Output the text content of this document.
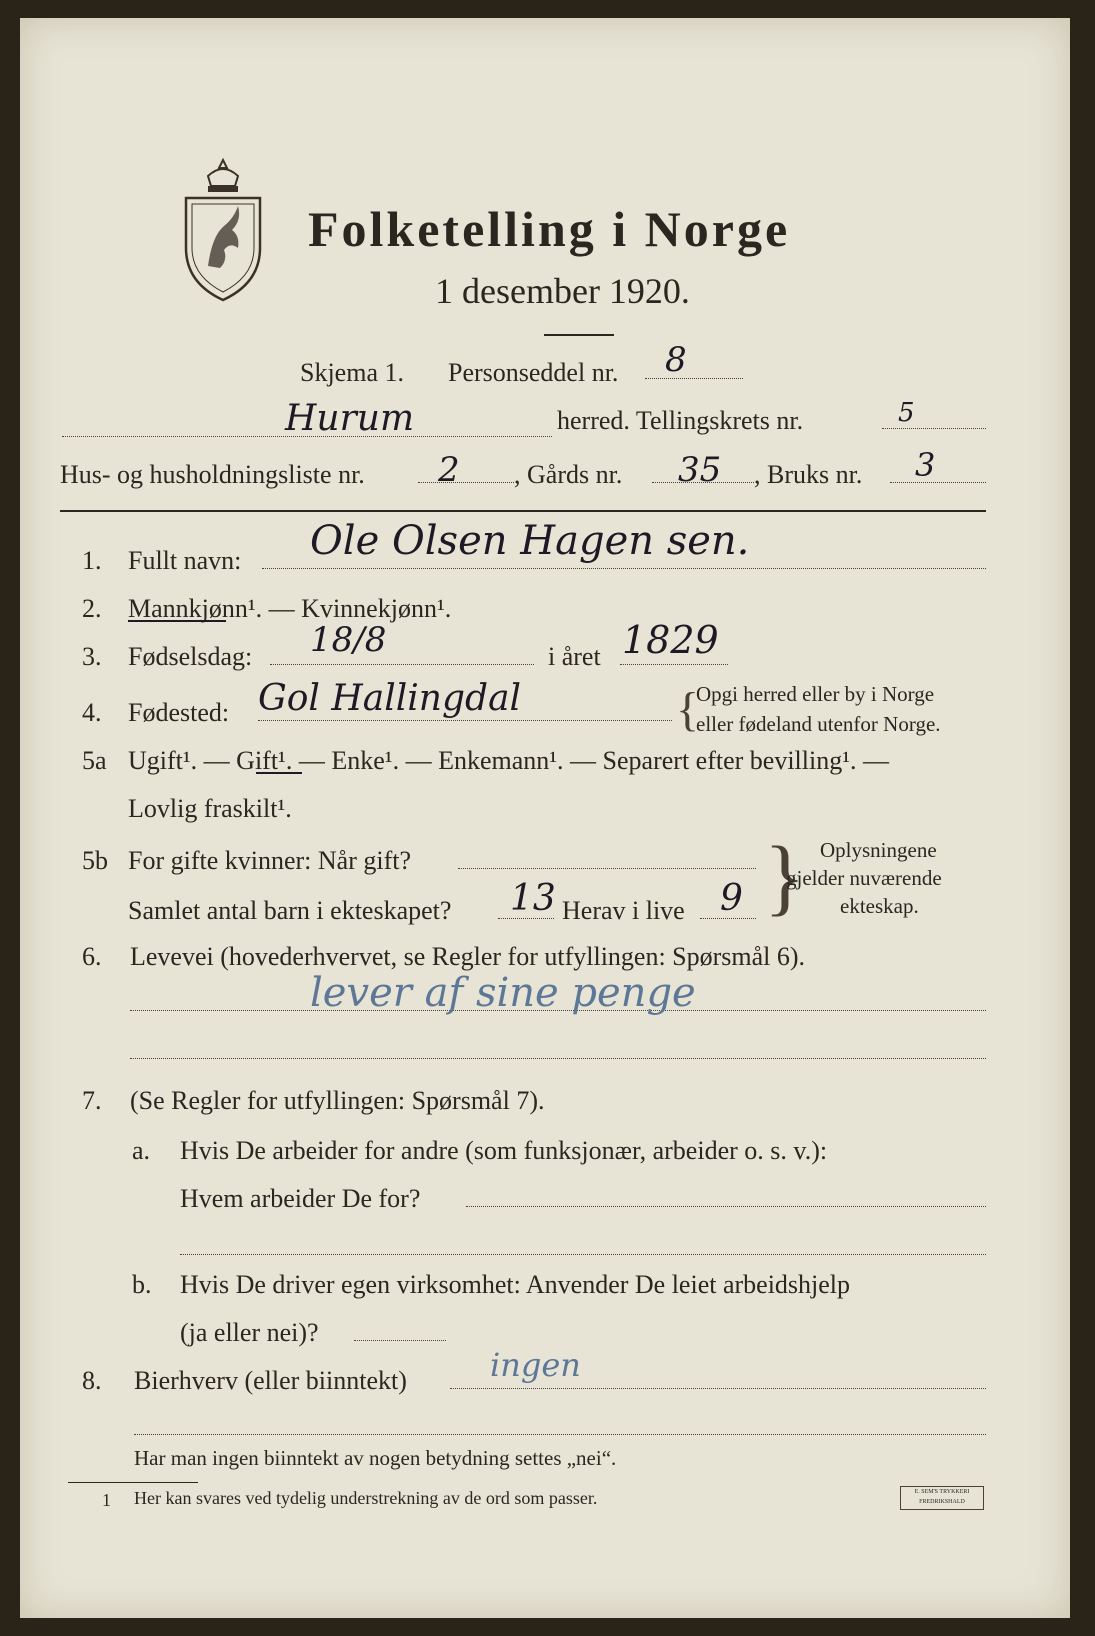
Folketelling i Norge
1 desember 1920.
Skjema 1. Personseddel nr. 8
Hurum	herred. Tellingskrets nr.	5
Hus- og husholdningsliste nr. 2 , Gårds nr. 35 , Bruks nr. 3
1. Fullt navn: Ole Olsen Hagen sen.
2. Mannkjønn¹. — Kvinnekjønn¹.
3. Fødselsdag: 18/8	i året 1829
4. Fødested: Gol Hallingdal	{
Opgi herred eller by i Norge
eller fødeland utenfor Norge.
5a Ugift¹. — Gift¹. — Enke¹. — Enkemann¹. — Separert efter bevilling¹. —
Lovlig fraskilt¹.
5b For gifte kvinner: Når gift?
Samlet antal barn i ekteskapet? 13 Herav i live 9 } Oplysningene
gjelder nuværende
ekteskap.
6. Levevei (hovederhvervet, se Regler for utfyllingen: Spørsmål 6).
lever af sine penge
7. (Se Regler for utfyllingen: Spørsmål 7).
a. Hvis De arbeider for andre (som funksjonær, arbeider o. s. v.):
Hvem arbeider De for?
b. Hvis De driver egen virksomhet: Anvender De leiet arbeidshjelp
(ja eller nei)?
8. Bierhverv (eller biinntekt)	ingen
Har man ingen biinntekt av nogen betydning settes „nei“.
1 Her kan svares ved tydelig understrekning av de ord som passer.	E. SEM'S TRYKKERI FREDRIKSHALD
